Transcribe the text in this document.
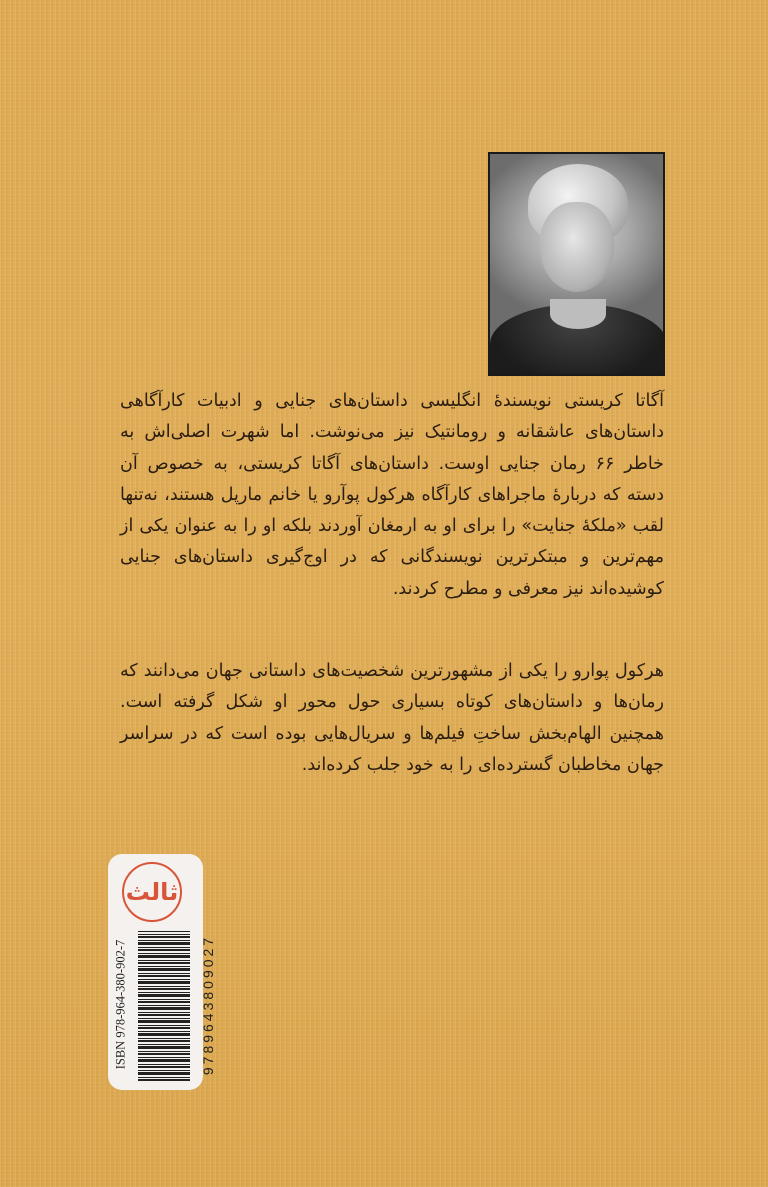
آگاتا کریستی نویسندهٔ انگلیسی داستان‌های جنایی و ادبیات کارآگاهی داستان‌های عاشقانه و رومانتیک نیز می‌نوشت. اما شهرت اصلی‌اش به خاطر ۶۶ رمان جنایی اوست. داستان‌های آگاتا کریستی، به خصوص آن دسته که دربارهٔ ماجراهای کارآگاه هرکول پوآرو یا خانم مارپل هستند، نه‌تنها لقب «ملکهٔ جنایت» را برای او به ارمغان آوردند بلکه او را به عنوان یکی از مهم‌ترین و مبتکرترین نویسندگانی که در اوج‌گیری داستان‌های جنایی کوشیده‌اند نیز معرفی و مطرح کردند.

هرکول پوارو را یکی از مشهورترین شخصیت‌های داستانی جهان می‌دانند که رمان‌ها و داستان‌های کوتاه بسیاری حول محور او شکل گرفته است. همچنین الهام‌بخش ساختِ فیلم‌ها و سریال‌هایی بوده است که در سراسر جهان مخاطبان گسترده‌ای را به خود جلب کرده‌اند.

ثالث
ISBN 978-964-380-902-7	9789643809027
